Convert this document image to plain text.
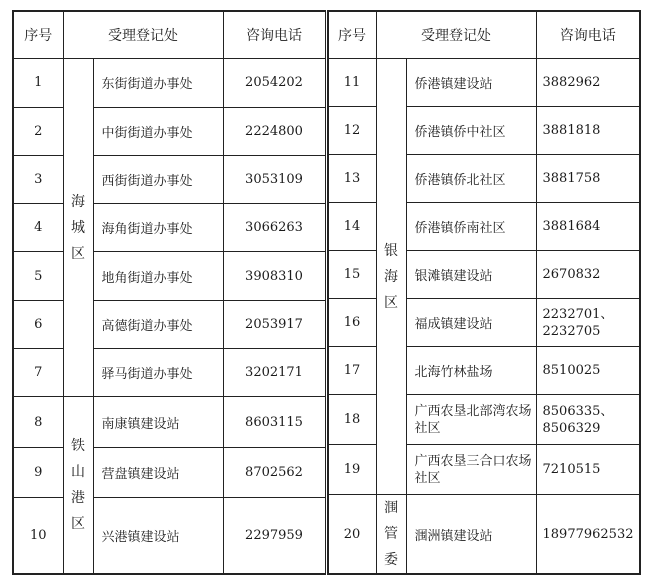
序号	受理登记处		咨询电话
1	海城区	东街街道办事处	2054202
2		中街街道办事处	2224800
3		西街街道办事处	3053109
4		海角街道办事处	3066263
5		地角街道办事处	3908310
6		高德街道办事处	2053917
7		驿马街道办事处	3202171
8	铁山港区	南康镇建设站	8603115
9		营盘镇建设站	8702562
10		兴港镇建设站	2297959
序号	受理登记处		咨询电话
11	银海区	侨港镇建设站	3882962
12		侨港镇侨中社区	3881818
13		侨港镇侨北社区	3881758
14		侨港镇侨南社区	3881684
15		银滩镇建设站	2670832
16		福成镇建设站	2232701、2232705
17		北海竹林盐场	8510025
18		广西农垦北部湾农场社区	8506335、8506329
19		广西农垦三合口农场社区	7210515
20	涠管委	涠洲镇建设站	18977962532
